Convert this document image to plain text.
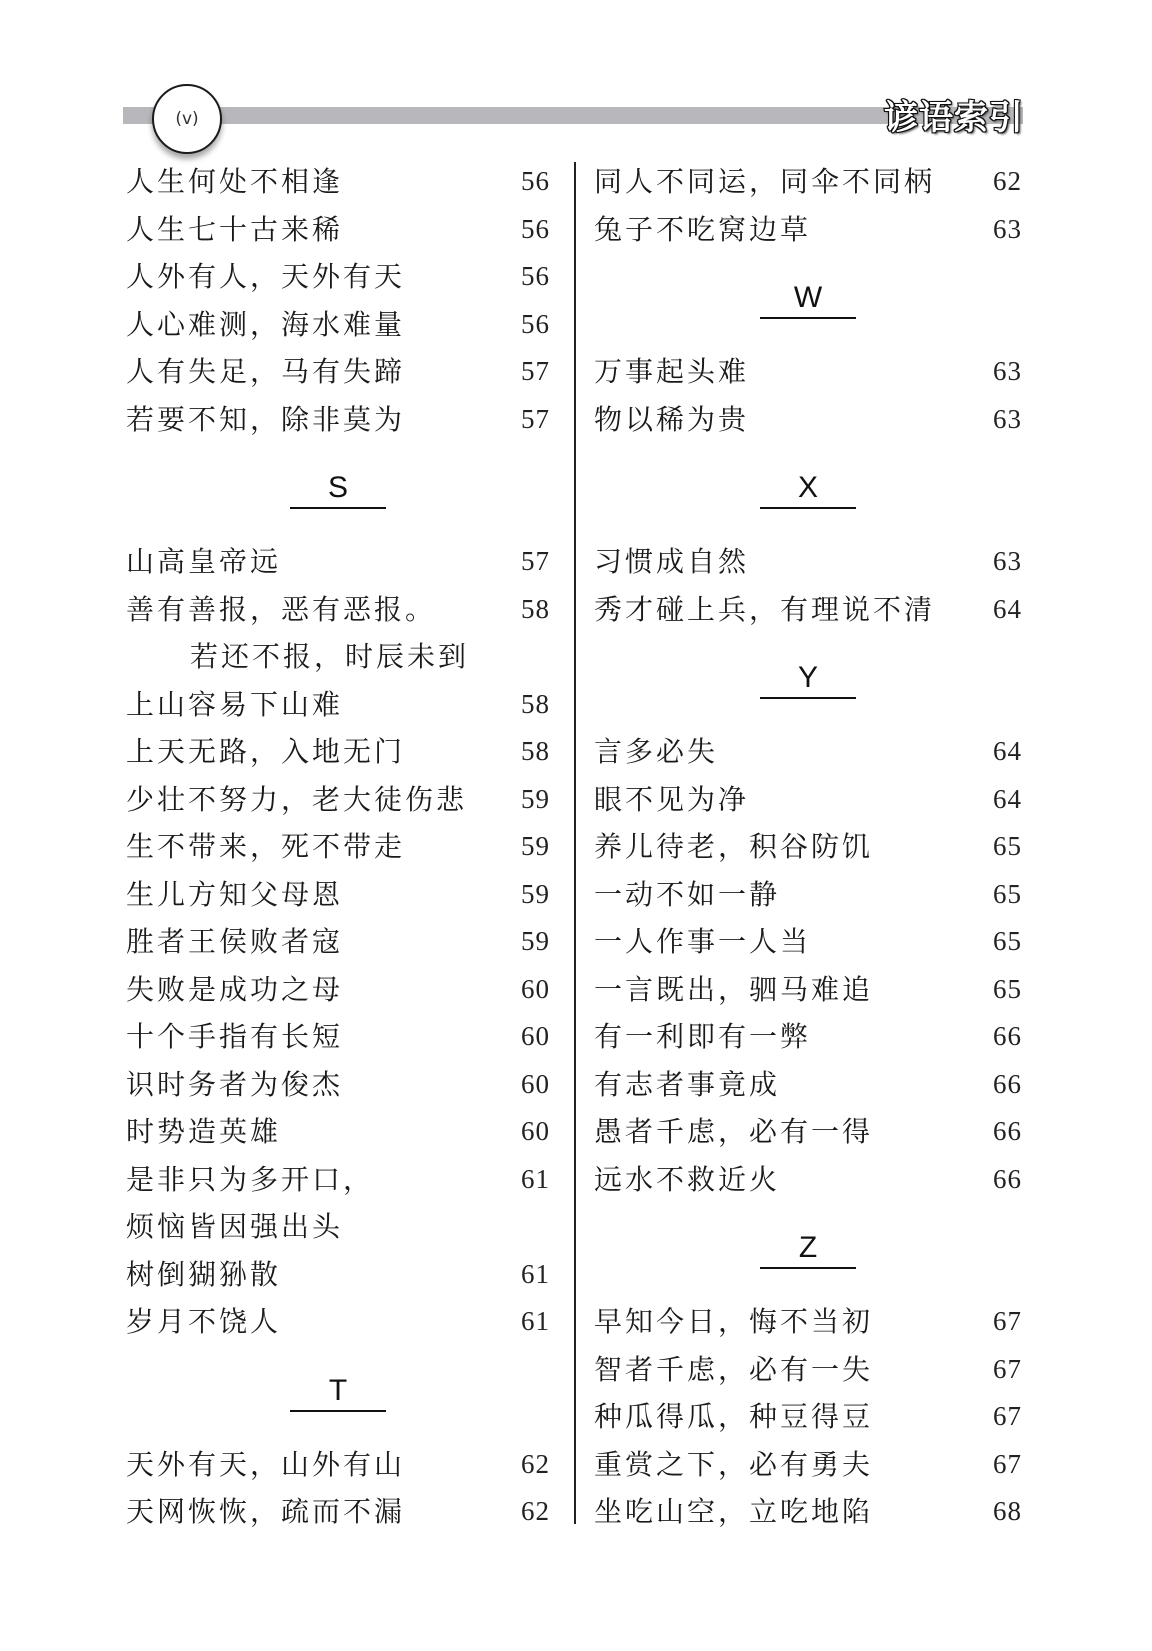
(v)	谚语索引
人生何处不相逢	56
人生七十古来稀	56
人外有人，天外有天	56
人心难测，海水难量	56
人有失足，马有失蹄	57
若要不知，除非莫为	57
S
山高皇帝远	57
善有善报，恶有恶报。	58
若还不报，时辰未到
上山容易下山难	58
上天无路，入地无门	58
少壮不努力，老大徒伤悲 59
生不带来，死不带走	59
生儿方知父母恩	59
胜者王侯败者寇	59
失败是成功之母	60
十个手指有长短	60
识时务者为俊杰	60
时势造英雄	60
是非只为多开口，	61
烦恼皆因强出头
树倒猢狲散	61
岁月不饶人	61
T
天外有天，山外有山	62
天网恢恢，疏而不漏	62
同人不同运，同伞不同柄 62
兔子不吃窝边草	63
W
万事起头难	63
物以稀为贵	63
X
习惯成自然	63
秀才碰上兵，有理说不清 64
Y
言多必失	64
眼不见为净	64
养儿待老，积谷防饥	65
一动不如一静	65
一人作事一人当	65
一言既出，驷马难追	65
有一利即有一弊	66
有志者事竟成	66
愚者千虑，必有一得	66
远水不救近火	66
Z
早知今日，悔不当初	67
智者千虑，必有一失	67
种瓜得瓜，种豆得豆	67
重赏之下，必有勇夫	67
坐吃山空，立吃地陷	68
